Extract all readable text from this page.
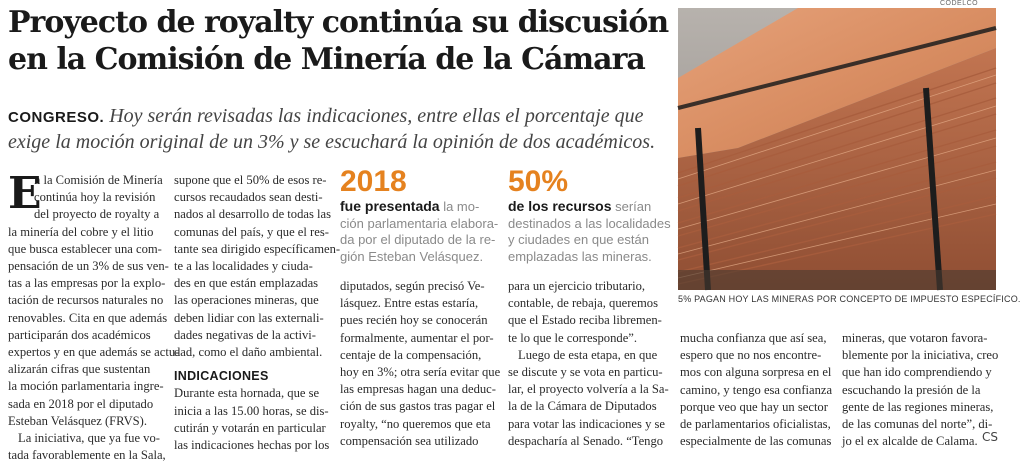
Proyecto de royalty continúa su discusión
en la Comisión de Minería de la Cámara
CONGRESO. Hoy serán revisadas las indicaciones, entre ellas el porcentaje que
exige la moción original de un 3% y se escuchará la opinión de dos académicos.
E
n la Comisión de Minería
continúa hoy la revisión
del proyecto de royalty a
la minería del cobre y el litio
que busca establecer una com-
pensación de un 3% de sus ven-
tas a las empresas por la explo-
tación de recursos naturales no
renovables. Cita en que además
participarán dos académicos
expertos y en que además se actu-
alizarán cifras que sustentan
la moción parlamentaria ingre-
sada en 2018 por el diputado
Esteban Velásquez (FRVS).
La iniciativa, que ya fue vo-
tada favorablemente en la Sala,
supone que el 50% de esos re-
cursos recaudados sean desti-
nados al desarrollo de todas las
comunas del país, y que el res-
tante sea dirigido específicamen-
te a las localidades y ciuda-
des en que están emplazadas
las operaciones mineras, que
deben lidiar con las externali-
dades negativas de la activi-
dad, como el daño ambiental.
INDICACIONES
Durante esta hornada, que se
inicia a las 15.00 horas, se dis-
cutirán y votarán en particular
las indicaciones hechas por los
2018
fue presentada la mo-
ción parlamentaria elabora-
da por el diputado de la re-
gión Esteban Velásquez.
50%
de los recursos serían
destinados a las localidades
y ciudades en que están
emplazadas las mineras.
diputados, según precisó Ve-
lásquez. Entre estas estaría,
pues recién hoy se conocerán
formalmente, aumentar el por-
centaje de la compensación,
hoy en 3%; otra sería evitar que
las empresas hagan una deduc-
ción de sus gastos tras pagar el
royalty, “no queremos que eta
compensación sea utilizado
para un ejercicio tributario,
contable, de rebaja, queremos
que el Estado reciba libremen-
te lo que le corresponde”.
Luego de esta etapa, en que
se discute y se vota en particu-
lar, el proyecto volvería a la Sa-
la de la Cámara de Diputados
para votar las indicaciones y se
despacharía al Senado. “Tengo
CODELCO
5% PAGAN HOY LAS MINERAS POR CONCEPTO DE IMPUESTO ESPECÍFICO.
mucha confianza que así sea,
espero que no nos encontre-
mos con alguna sorpresa en el
camino, y tengo esa confianza
porque veo que hay un sector
de parlamentarios oficialistas,
especialmente de las comunas
mineras, que votaron favora-
blemente por la iniciativa, creo
que han ido comprendiendo y
escuchando la presión de la
gente de las regiones mineras,
de las comunas del norte”, di-
jo el ex alcalde de Calama. CS
